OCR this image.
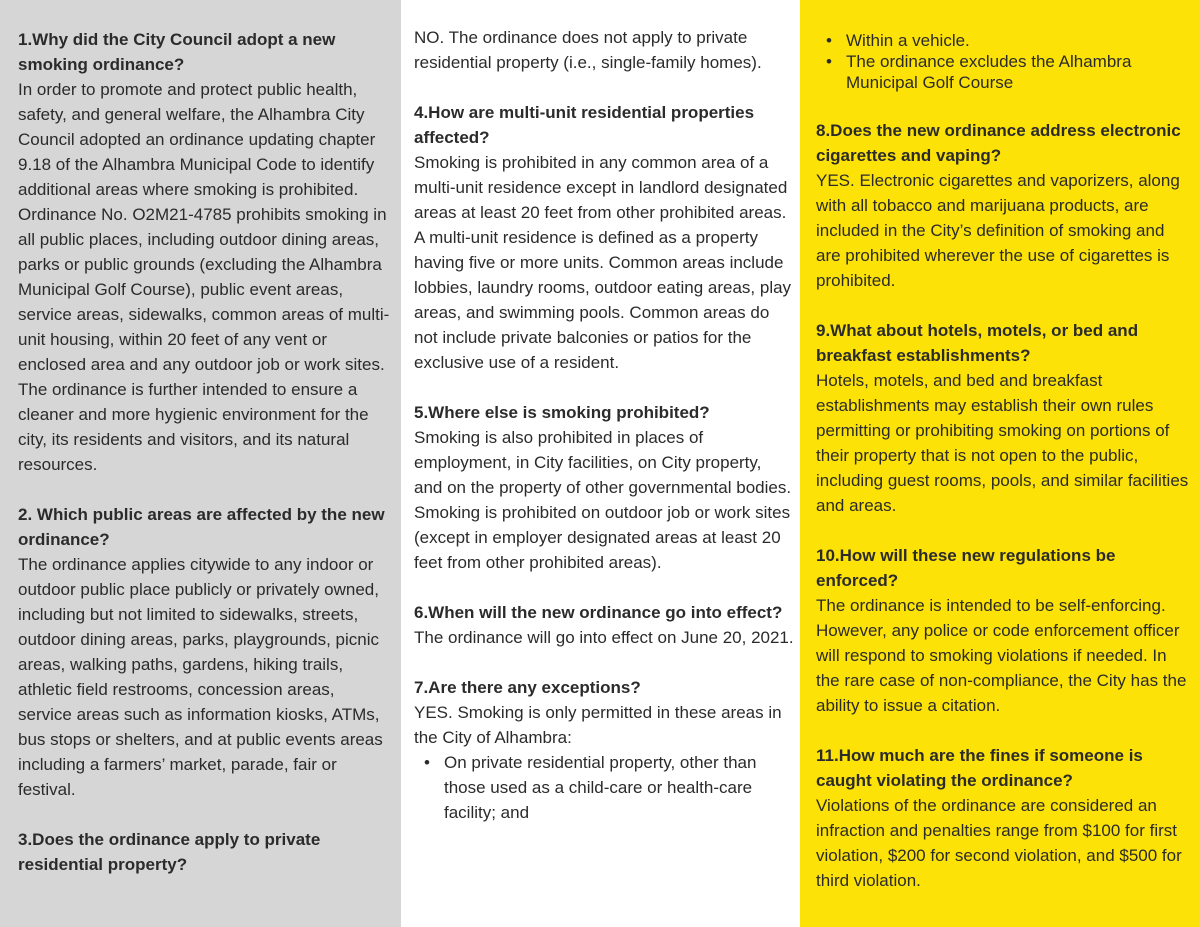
1.Why did the City Council adopt a new smoking ordinance?
In order to promote and protect public health, safety, and general welfare, the Alhambra City Council adopted an ordinance updating chapter 9.18 of the Alhambra Municipal Code to identify additional areas where smoking is prohibited. Ordinance No. O2M21-4785 prohibits smoking in all public places, including outdoor dining areas, parks or public grounds (excluding the Alhambra Municipal Golf Course), public event areas, service areas, sidewalks, common areas of multi-unit housing, within 20 feet of any vent or enclosed area and any outdoor job or work sites. The ordinance is further intended to ensure a cleaner and more hygienic environment for the city, its residents and visitors, and its natural resources.
2. Which public areas are affected by the new ordinance?
The ordinance applies citywide to any indoor or outdoor public place publicly or privately owned, including but not limited to sidewalks, streets, outdoor dining areas, parks, playgrounds, picnic areas, walking paths, gardens, hiking trails, athletic field restrooms, concession areas, service areas such as information kiosks, ATMs, bus stops or shelters, and at public events areas including a farmers’ market, parade, fair or festival.
3.Does the ordinance apply to private residential property?
NO. The ordinance does not apply to private residential property (i.e., single-family homes).
4.How are multi-unit residential properties affected?
Smoking is prohibited in any common area of a multi-unit residence except in landlord designated areas at least 20 feet from other prohibited areas. A multi-unit residence is defined as a property having five or more units. Common areas include lobbies, laundry rooms, outdoor eating areas, play areas, and swimming pools. Common areas do not include private balconies or patios for the exclusive use of a resident.
5.Where else is smoking prohibited?
Smoking is also prohibited in places of employment, in City facilities, on City property, and on the property of other governmental bodies. Smoking is prohibited on outdoor job or work sites (except in employer designated areas at least 20 feet from other prohibited areas).
6.When will the new ordinance go into effect?
The ordinance will go into effect on June 20, 2021.
7.Are there any exceptions?
YES. Smoking is only permitted in these areas in the City of Alhambra:
• On private residential property, other than those used as a child-care or health-care facility; and
• Within a vehicle.
• The ordinance excludes the Alhambra Municipal Golf Course
8.Does the new ordinance address electronic cigarettes and vaping?
YES. Electronic cigarettes and vaporizers, along with all tobacco and marijuana products, are included in the City’s definition of smoking and are prohibited wherever the use of cigarettes is prohibited.
9.What about hotels, motels, or bed and breakfast establishments?
Hotels, motels, and bed and breakfast establishments may establish their own rules permitting or prohibiting smoking on portions of their property that is not open to the public, including guest rooms, pools, and similar facilities and areas.
10.How will these new regulations be enforced?
The ordinance is intended to be self-enforcing. However, any police or code enforcement officer will respond to smoking violations if needed. In the rare case of non-compliance, the City has the ability to issue a citation.
11.How much are the fines if someone is caught violating the ordinance?
Violations of the ordinance are considered an infraction and penalties range from $100 for first violation, $200 for second violation, and $500 for third violation.
